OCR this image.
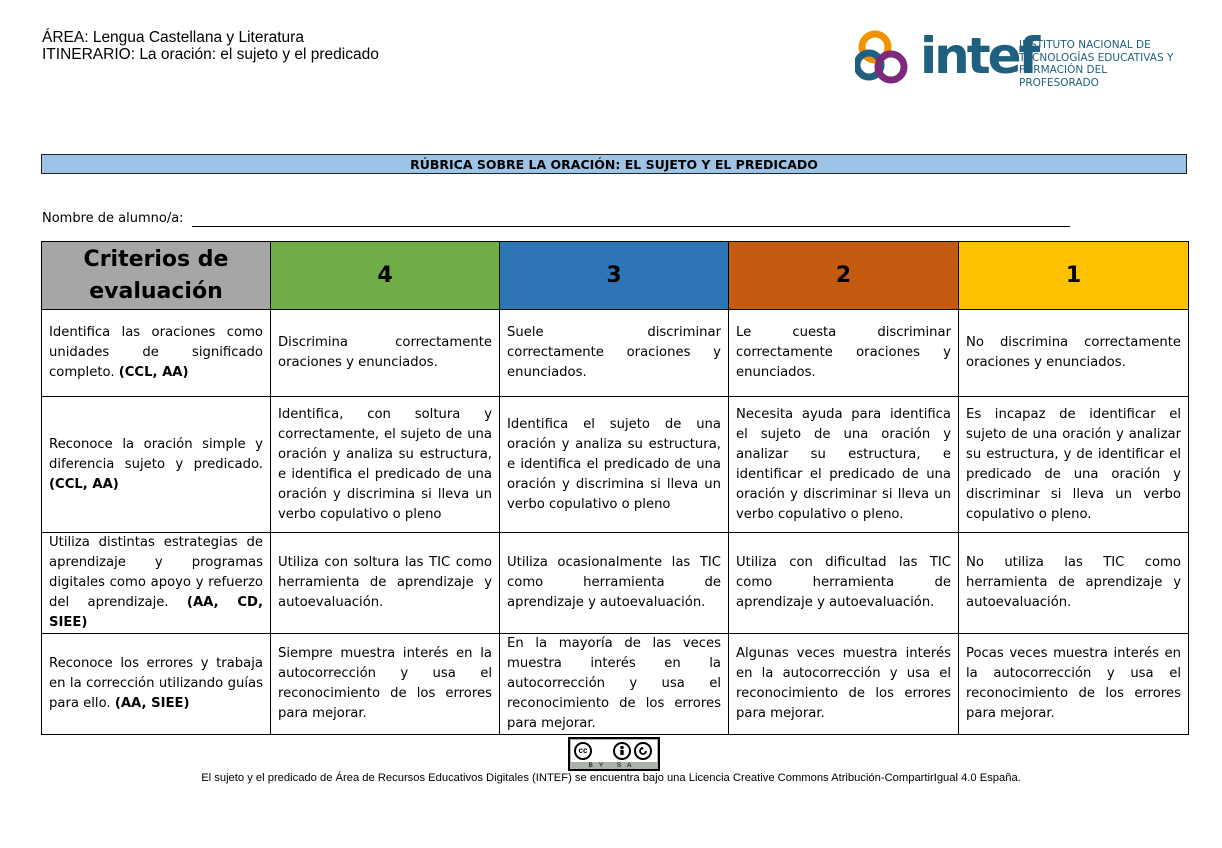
ÁREA: Lengua Castellana y Literatura
ITINERARIO: La oración: el sujeto y el predicado	intef
INSTITUTO NACIONAL DE
TECNOLOGÍAS EDUCATIVAS Y
FORMACIÓN DEL PROFESORADO
RÚBRICA SOBRE LA ORACIÓN: EL SUJETO Y EL PREDICADO
Nombre de alumno/a:
Criterios de evaluación	4	3	2	1
Identifica las oraciones como unidades de significado completo. (CCL, AA)	Discrimina correctamente oraciones y enunciados.	Suele discriminar correctamente oraciones y enunciados.	Le cuesta discriminar correctamente oraciones y enunciados.	No discrimina correctamente oraciones y enunciados.
Reconoce la oración simple y diferencia sujeto y predicado. (CCL, AA)	Identifica, con soltura y correctamente, el sujeto de una oración y analiza su estructura, e identifica el predicado de una oración y discrimina si lleva un verbo copulativo o pleno	Identifica el sujeto de una oración y analiza su estructura, e identifica el predicado de una oración y discrimina si lleva un verbo copulativo o pleno	Necesita ayuda para identifica el sujeto de una oración y analizar su estructura, e identificar el predicado de una oración y discriminar si lleva un verbo copulativo o pleno.	Es incapaz de identificar el sujeto de una oración y analizar su estructura, y de identificar el predicado de una oración y discriminar si lleva un verbo copulativo o pleno.
Utiliza distintas estrategias de aprendizaje y programas digitales como apoyo y refuerzo del aprendizaje. (AA, CD, SIEE)	Utiliza con soltura las TIC como herramienta de aprendizaje y autoevaluación.	Utiliza ocasionalmente las TIC como herramienta de aprendizaje y autoevaluación.	Utiliza con dificultad las TIC como herramienta de aprendizaje y autoevaluación.	No utiliza las TIC como herramienta de aprendizaje y autoevaluación.
Reconoce los errores y trabaja en la corrección utilizando guías para ello. (AA, SIEE)	Siempre muestra interés en la autocorrección y usa el reconocimiento de los errores para mejorar.	En la mayoría de las veces muestra interés en la autocorrección y usa el reconocimiento de los errores para mejorar.	Algunas veces muestra interés en la autocorrección y usa el reconocimiento de los errores para mejorar.	Pocas veces muestra interés en la autocorrección y usa el reconocimiento de los errores para mejorar.
cc
BY SA
El sujeto y el predicado de Área de Recursos Educativos Digitales (INTEF) se encuentra bajo una Licencia Creative Commons Atribución-CompartirIgual 4.0 España.
